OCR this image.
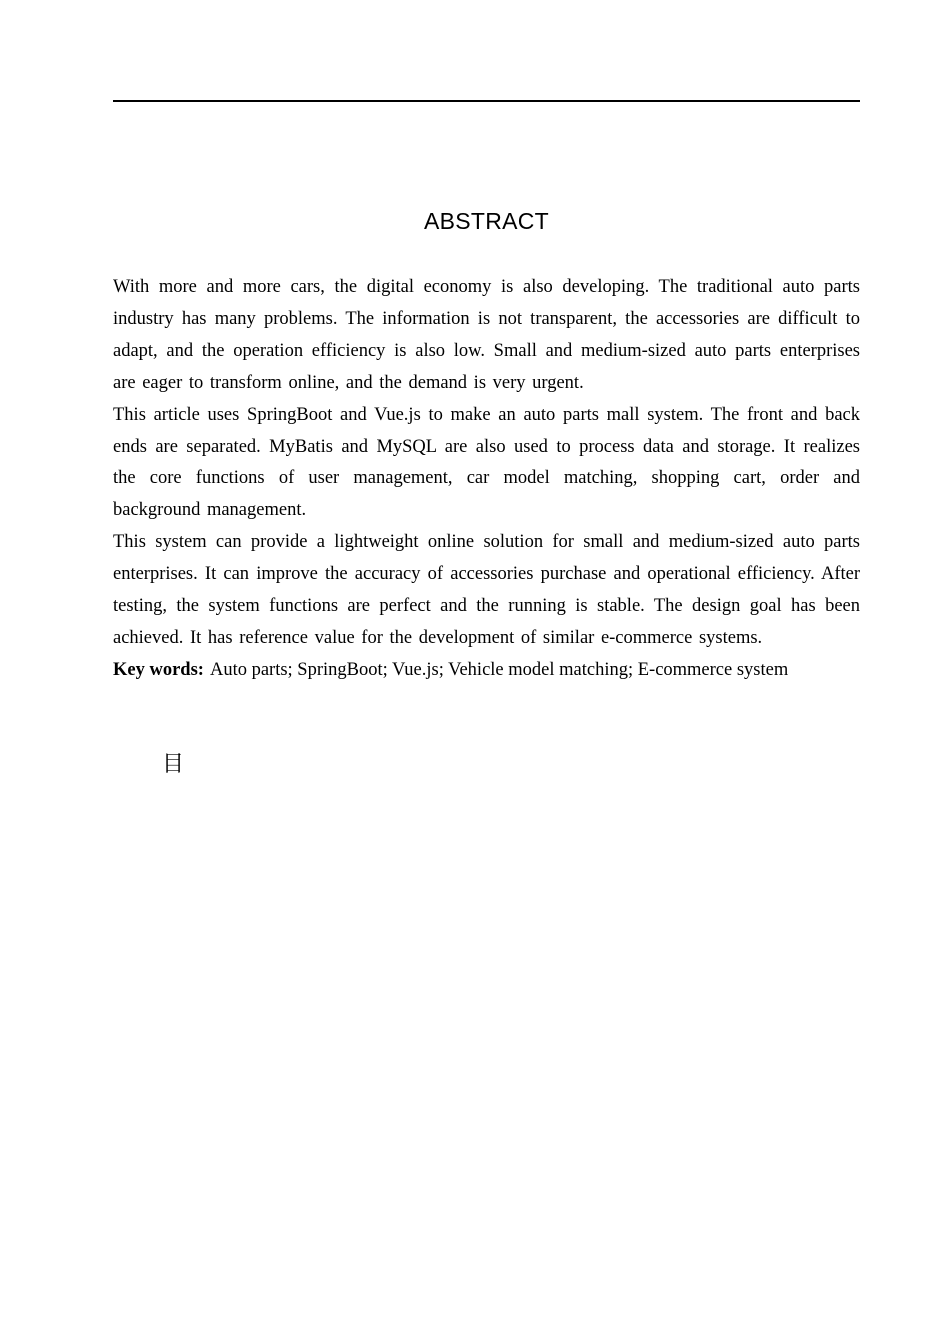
ABSTRACT

With more and more cars, the digital economy is also developing. The traditional auto parts industry has many problems. The information is not transparent, the accessories are difficult to adapt, and the operation efficiency is also low. Small and medium-sized auto parts enterprises are eager to transform online, and the demand is very urgent.

This article uses SpringBoot and Vue.js to make an auto parts mall system. The front and back ends are separated. MyBatis and MySQL are also used to process data and storage. It realizes the core functions of user management, car model matching, shopping cart, order and background management.

This system can provide a lightweight online solution for small and medium-sized auto parts enterprises. It can improve the accuracy of accessories purchase and operational efficiency. After testing, the system functions are perfect and the running is stable. The design goal has been achieved. It has reference value for the development of similar e-commerce systems.

Key words: Auto parts; SpringBoot; Vue.js; Vehicle model matching; E-commerce system

目
